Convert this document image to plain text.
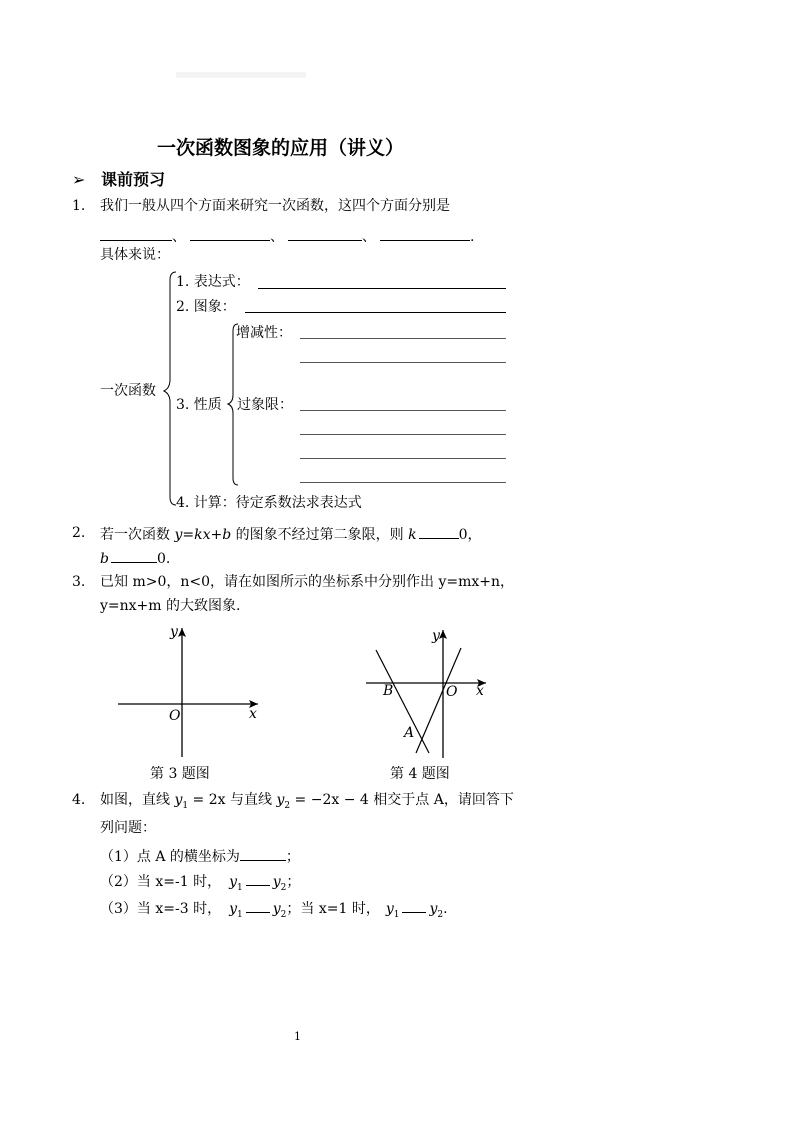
一次函数图象的应用（讲义）
➢ 课前预习
1. 我们一般从四个方面来研究一次函数，这四个方面分别是
、	、	、	.
具体来说：
一次函数
1. 表达式：
2. 图象：
增减性：
3. 性质 过象限：
4. 计算：待定系数法求表达式
2. 若一次函数 y=kx+b 的图象不经过第二象限，则 k	0，
b	0.
3. 已知 m>0，n<0，请在如图所示的坐标系中分别作出 y=mx+n，
y=nx+m 的大致图象.
y
x
O
第 3 题图
y
x
O
B
A
第 4 题图
4. 如图，直线 $y_1 = 2x$ 与直线 $y_2 = -2x - 4$ 相交于点 A，请回答下
列问题：
（1）点 A 的横坐标为	；
（2）当 x=-1 时， $y_1$ $y_2$；
（3）当 x=-3 时， $y_1$ $y_2$；当 x=1 时， $y_1$ $y_2$.
1
